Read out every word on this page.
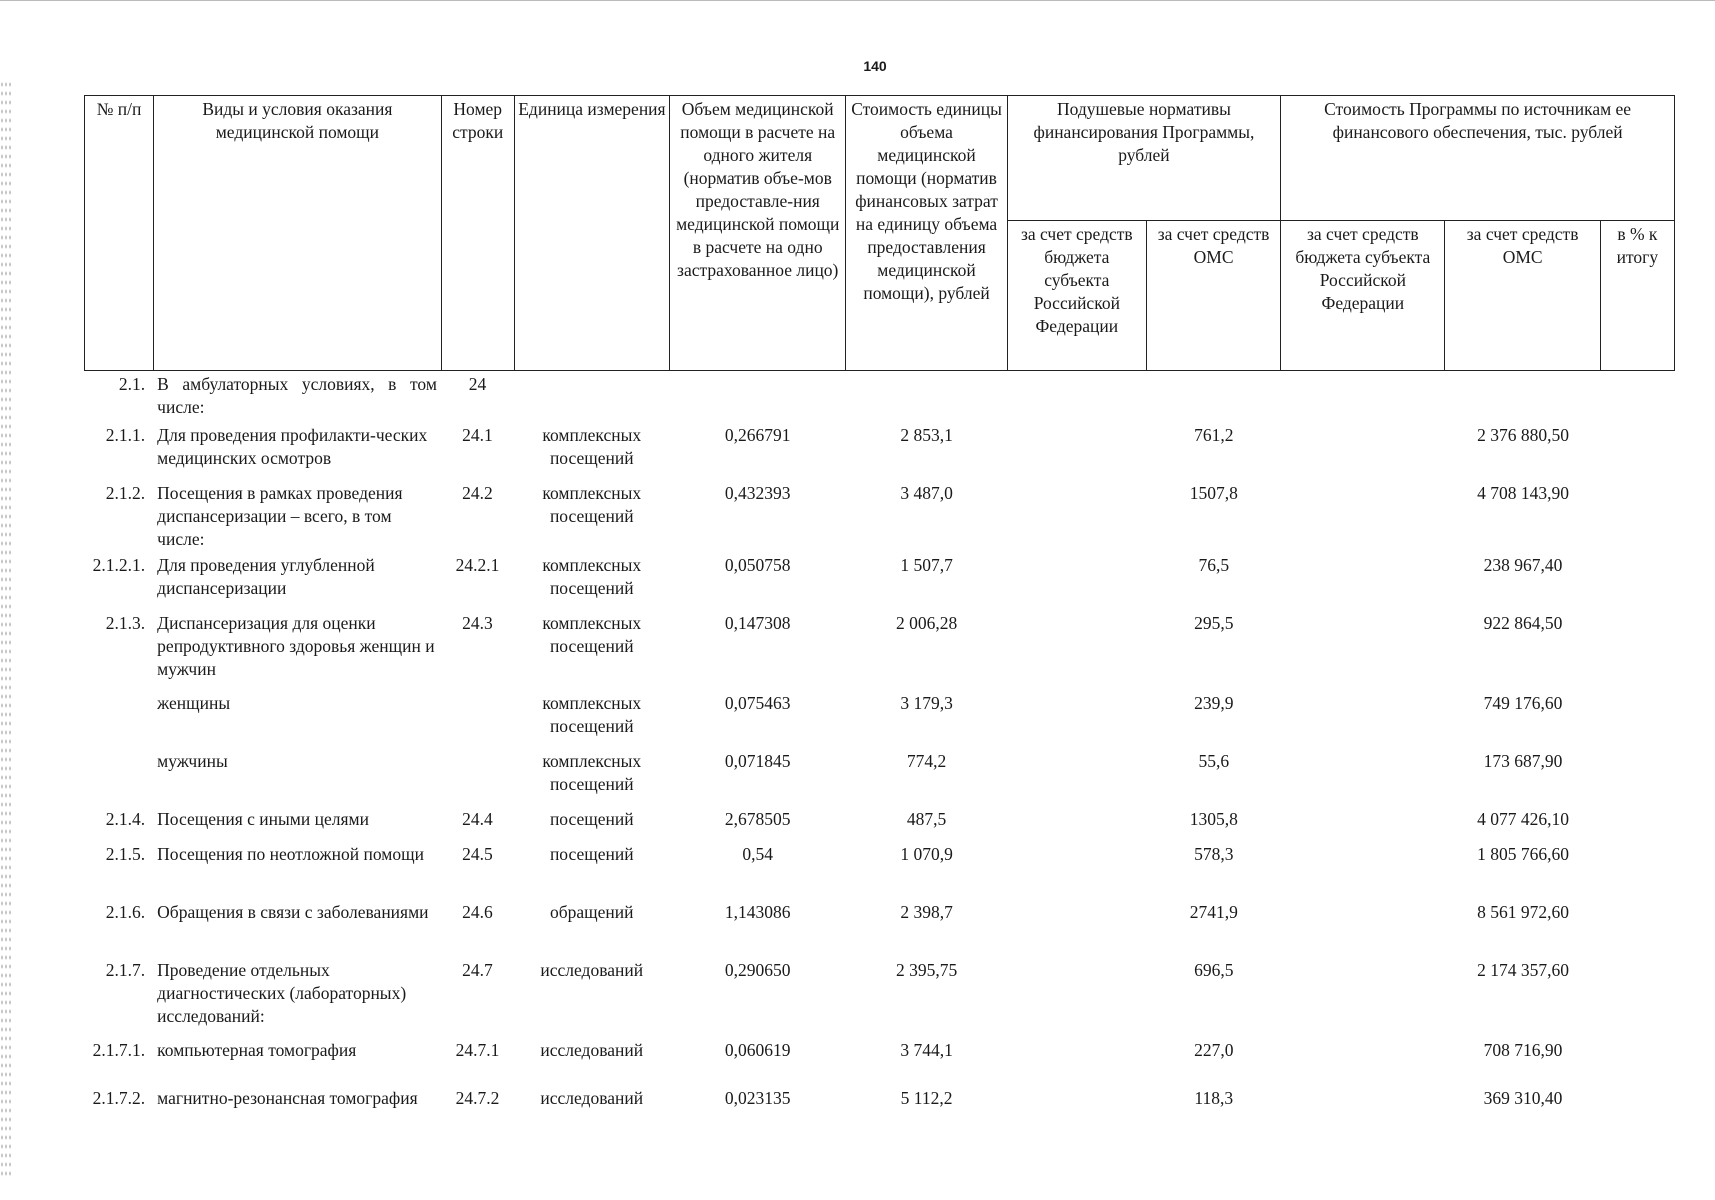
140
№ п/п	Виды и условия оказания медицинской помощи	Номер строки	Единица измерения	Объем медицинской помощи в расчете на одного жителя (норматив объе-мов предоставле-ния медицинской помощи в расчете на одно застрахованное лицо)	Стоимость единицы объема медицинской помощи (норматив финансовых затрат на единицу объема предоставления медицинской помощи), рублей	Подушевые нормативы финансирования Программы, рублей		Стоимость Программы по источникам ее финансового обеспечения, тыс. рублей		
						за счет средств бюджета субъекта Российской Федерации	за счет средств ОМС	за счет средств бюджета субъекта Российской Федерации	за счет средств ОМС	в % к итогу
2.1.	В амбулаторных условиях, в том числе:	24								
2.1.1.	Для проведения профилакти-ческих медицинских осмотров	24.1	комплексных посещений	0,266791	2 853,1		761,2		2 376 880,50	
2.1.2.	Посещения в рамках проведения диспансеризации – всего, в том числе:	24.2	комплексных посещений	0,432393	3 487,0		1507,8		4 708 143,90	
2.1.2.1.	Для проведения углубленной диспансеризации	24.2.1	комплексных посещений	0,050758	1 507,7		76,5		238 967,40	
2.1.3.	Диспансеризация для оценки репродуктивного здоровья женщин и мужчин	24.3	комплексных посещений	0,147308	2 006,28		295,5		922 864,50	
	женщины		комплексных посещений	0,075463	3 179,3		239,9		749 176,60	
	мужчины		комплексных посещений	0,071845	774,2		55,6		173 687,90	
2.1.4.	Посещения с иными целями	24.4	посещений	2,678505	487,5		1305,8		4 077 426,10	
2.1.5.	Посещения по неотложной помощи	24.5	посещений	0,54	1 070,9		578,3		1 805 766,60	
2.1.6.	Обращения в связи с заболеваниями	24.6	обращений	1,143086	2 398,7		2741,9		8 561 972,60	
2.1.7.	Проведение отдельных диагностических (лабораторных) исследований:	24.7	исследований	0,290650	2 395,75		696,5		2 174 357,60	
2.1.7.1.	компьютерная томография	24.7.1	исследований	0,060619	3 744,1		227,0		708 716,90	
2.1.7.2.	магнитно-резонансная томография	24.7.2	исследований	0,023135	5 112,2		118,3		369 310,40	
